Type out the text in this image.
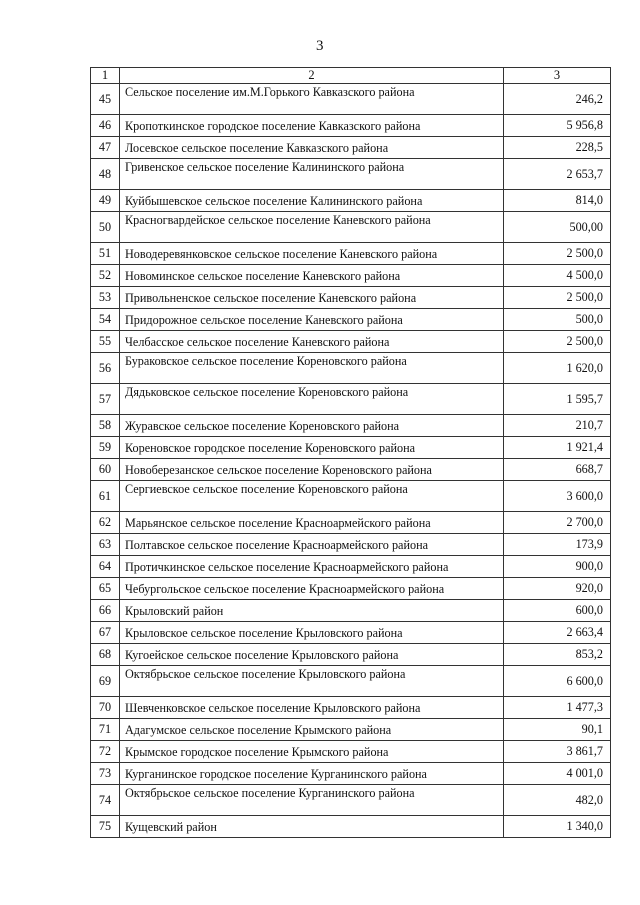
3
1	2	3
45	Сельское поселение им.М.Горького Кавказского района	246,2
46	Кропоткинское городское поселение Кавказского района	5 956,8
47	Лосевское сельское поселение Кавказского района	228,5
48	Гривенское сельское поселение Калининского района	2 653,7
49	Куйбышевское сельское поселение Калининского района	814,0
50	Красногвардейское сельское поселение Каневского района	500,00
51	Новодеревянковское сельское поселение Каневского района	2 500,0
52	Новоминское сельское поселение Каневского района	4 500,0
53	Привольненское сельское поселение Каневского района	2 500,0
54	Придорожное сельское поселение Каневского района	500,0
55	Челбасское сельское поселение Каневского района	2 500,0
56	Бураковское сельское поселение Кореновского района	1 620,0
57	Дядьковское сельское поселение Кореновского района	1 595,7
58	Журавское сельское поселение Кореновского района	210,7
59	Кореновское городское поселение Кореновского района	1 921,4
60	Новоберезанское сельское поселение Кореновского района	668,7
61	Сергиевское сельское поселение Кореновского района	3 600,0
62	Марьянское сельское поселение Красноармейского района	2 700,0
63	Полтавское сельское поселение Красноармейского района	173,9
64	Протичкинское сельское поселение Красноармейского района	900,0
65	Чебургольское сельское поселение Красноармейского района	920,0
66	Крыловский район	600,0
67	Крыловское сельское поселение Крыловского района	2 663,4
68	Кугоейское сельское поселение Крыловского района	853,2
69	Октябрьское сельское поселение Крыловского района	6 600,0
70	Шевченковское сельское поселение Крыловского района	1 477,3
71	Адагумское сельское поселение Крымского района	90,1
72	Крымское городское поселение Крымского района	3 861,7
73	Курганинское городское поселение Курганинского района	4 001,0
74	Октябрьское сельское поселение Курганинского района	482,0
75	Кущевский район	1 340,0
